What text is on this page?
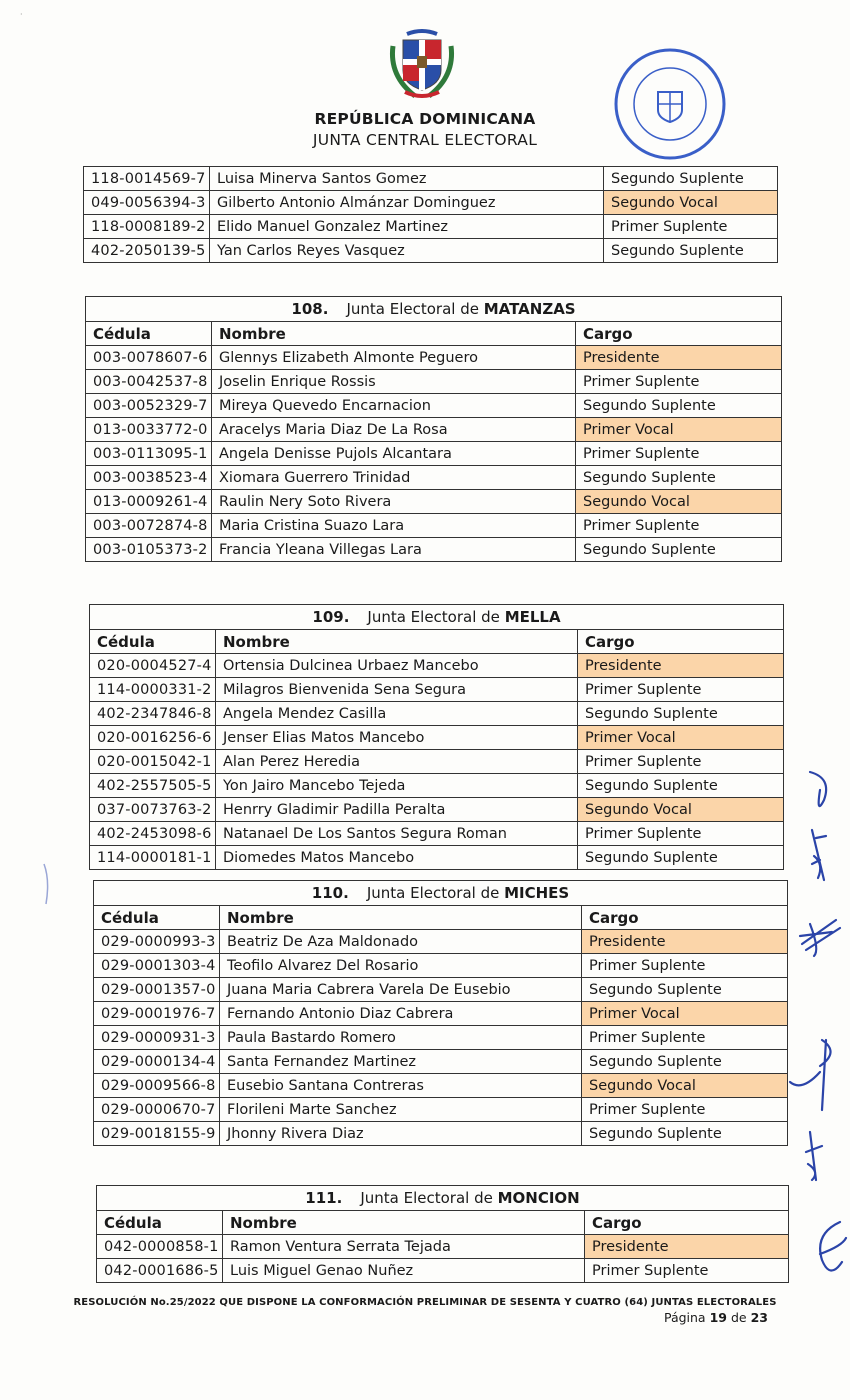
REPÚBLICA DOMINICANA
JUNTA CENTRAL ELECTORAL
·
118-0014569-7	Luisa Minerva Santos Gomez	Segundo Suplente
049-0056394-3	Gilberto Antonio Almánzar Dominguez	Segundo Vocal
118-0008189-2	Elido Manuel Gonzalez Martinez	Primer Suplente
402-2050139-5	Yan Carlos Reyes Vasquez	Segundo Suplente
108. Junta Electoral de MATANZAS		
Cédula	Nombre	Cargo
003-0078607-6	Glennys Elizabeth Almonte Peguero	Presidente
003-0042537-8	Joselin Enrique Rossis	Primer Suplente
003-0052329-7	Mireya Quevedo Encarnacion	Segundo Suplente
013-0033772-0	Aracelys Maria Diaz De La Rosa	Primer Vocal
003-0113095-1	Angela Denisse Pujols Alcantara	Primer Suplente
003-0038523-4	Xiomara Guerrero Trinidad	Segundo Suplente
013-0009261-4	Raulin Nery Soto Rivera	Segundo Vocal
003-0072874-8	Maria Cristina Suazo Lara	Primer Suplente
003-0105373-2	Francia Yleana Villegas Lara	Segundo Suplente
109. Junta Electoral de MELLA		
Cédula	Nombre	Cargo
020-0004527-4	Ortensia Dulcinea Urbaez Mancebo	Presidente
114-0000331-2	Milagros Bienvenida Sena Segura	Primer Suplente
402-2347846-8	Angela Mendez Casilla	Segundo Suplente
020-0016256-6	Jenser Elias Matos Mancebo	Primer Vocal
020-0015042-1	Alan Perez Heredia	Primer Suplente
402-2557505-5	Yon Jairo Mancebo Tejeda	Segundo Suplente
037-0073763-2	Henrry Gladimir Padilla Peralta	Segundo Vocal
402-2453098-6	Natanael De Los Santos Segura Roman	Primer Suplente
114-0000181-1	Diomedes Matos Mancebo	Segundo Suplente
110. Junta Electoral de MICHES		
Cédula	Nombre	Cargo
029-0000993-3	Beatriz De Aza Maldonado	Presidente
029-0001303-4	Teofilo Alvarez Del Rosario	Primer Suplente
029-0001357-0	Juana Maria Cabrera Varela De Eusebio	Segundo Suplente
029-0001976-7	Fernando Antonio Diaz Cabrera	Primer Vocal
029-0000931-3	Paula Bastardo Romero	Primer Suplente
029-0000134-4	Santa Fernandez Martinez	Segundo Suplente
029-0009566-8	Eusebio Santana Contreras	Segundo Vocal
029-0000670-7	Florileni Marte Sanchez	Primer Suplente
029-0018155-9	Jhonny Rivera Diaz	Segundo Suplente
111. Junta Electoral de MONCION		
Cédula	Nombre	Cargo
042-0000858-1	Ramon Ventura Serrata Tejada	Presidente
042-0001686-5	Luis Miguel Genao Nuñez	Primer Suplente
RESOLUCIÓN No.25/2022 QUE DISPONE LA CONFORMACIÓN PRELIMINAR DE SESENTA Y CUATRO (64) JUNTAS ELECTORALES
Página 19 de 23
